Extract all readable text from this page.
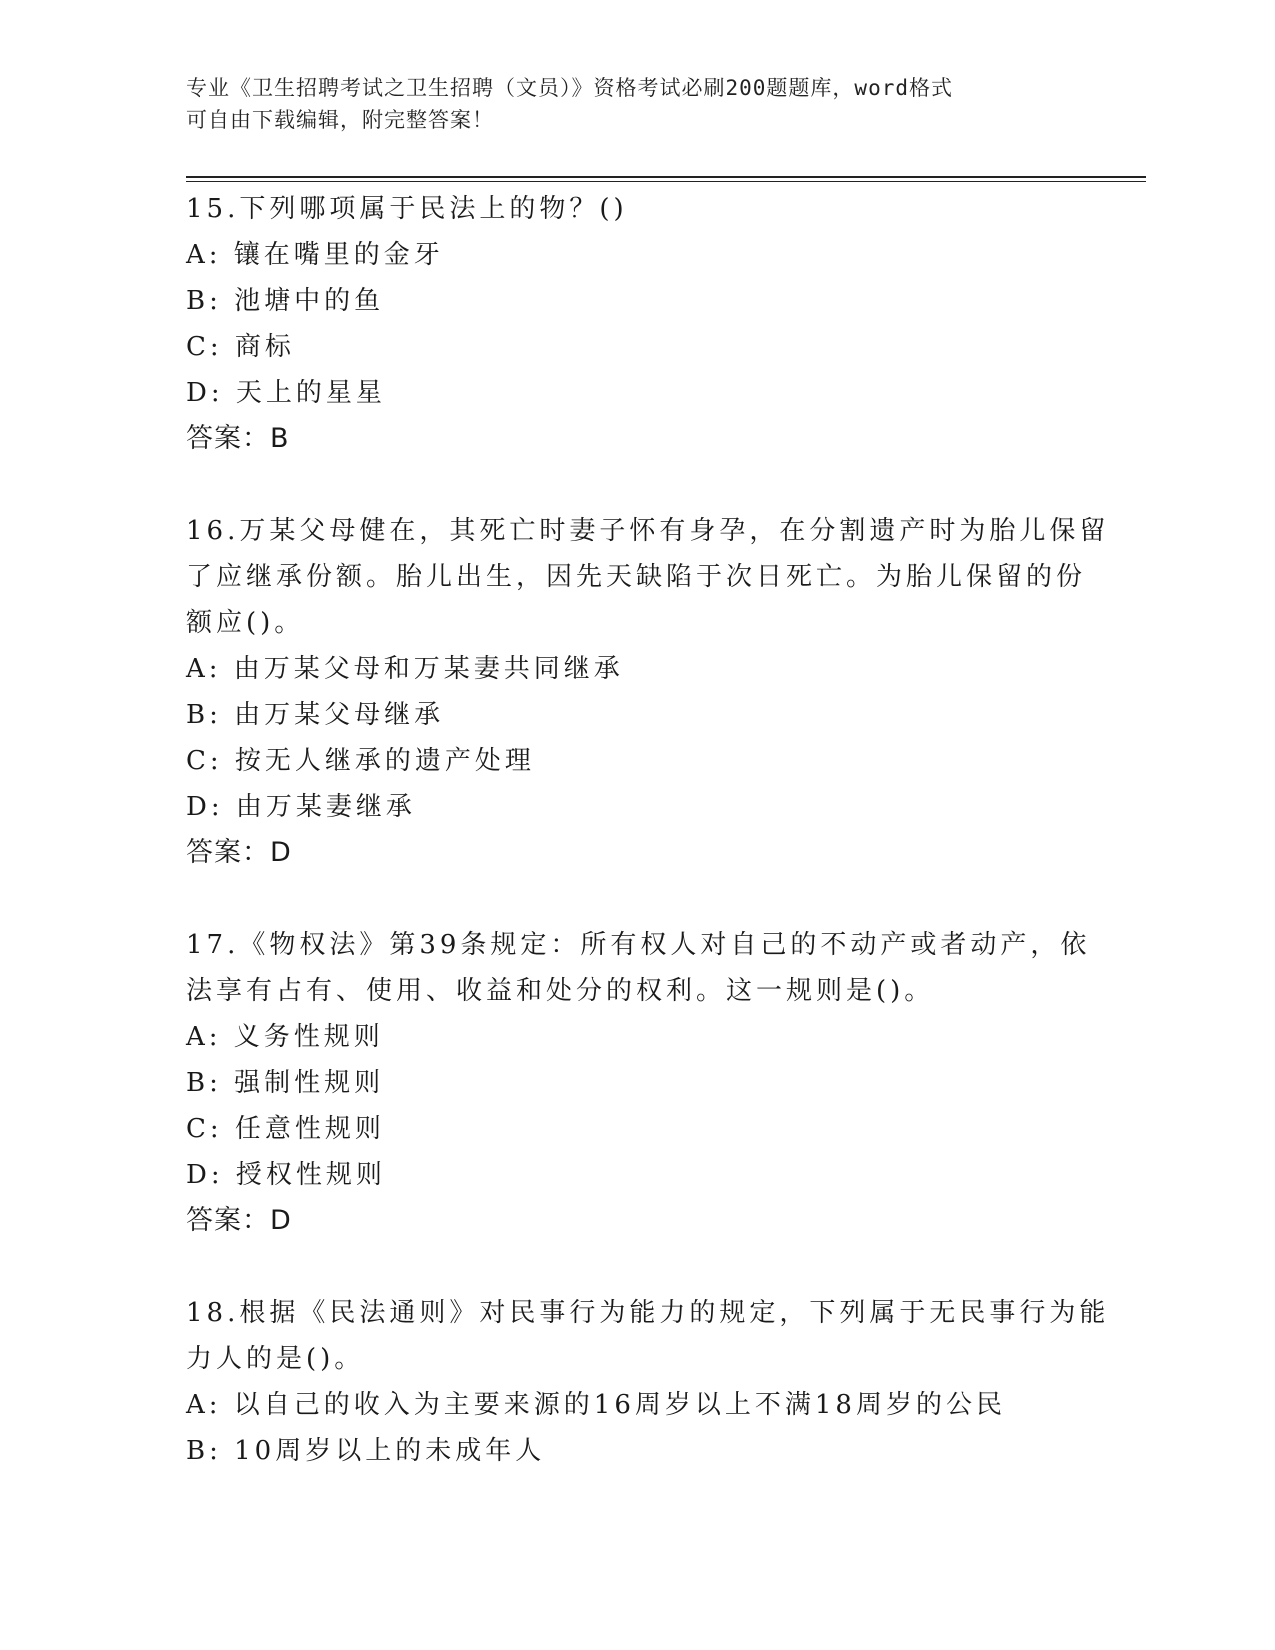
专业《卫生招聘考试之卫生招聘（文员）》资格考试必刷200题题库，word格式
可自由下载编辑，附完整答案！
15.下列哪项属于民法上的物？()
A: 镶在嘴里的金牙
B: 池塘中的鱼
C: 商标
D: 天上的星星
答案：B
16.万某父母健在，其死亡时妻子怀有身孕，在分割遗产时为胎儿保留
了应继承份额。胎儿出生，因先天缺陷于次日死亡。为胎儿保留的份
额应()。
A: 由万某父母和万某妻共同继承
B: 由万某父母继承
C: 按无人继承的遗产处理
D: 由万某妻继承
答案：D
17.《物权法》第39条规定：所有权人对自己的不动产或者动产，依
法享有占有、使用、收益和处分的权利。这一规则是()。
A: 义务性规则
B: 强制性规则
C: 任意性规则
D: 授权性规则
答案：D
18.根据《民法通则》对民事行为能力的规定，下列属于无民事行为能
力人的是()。
A: 以自己的收入为主要来源的16周岁以上不满18周岁的公民
B: 10周岁以上的未成年人
